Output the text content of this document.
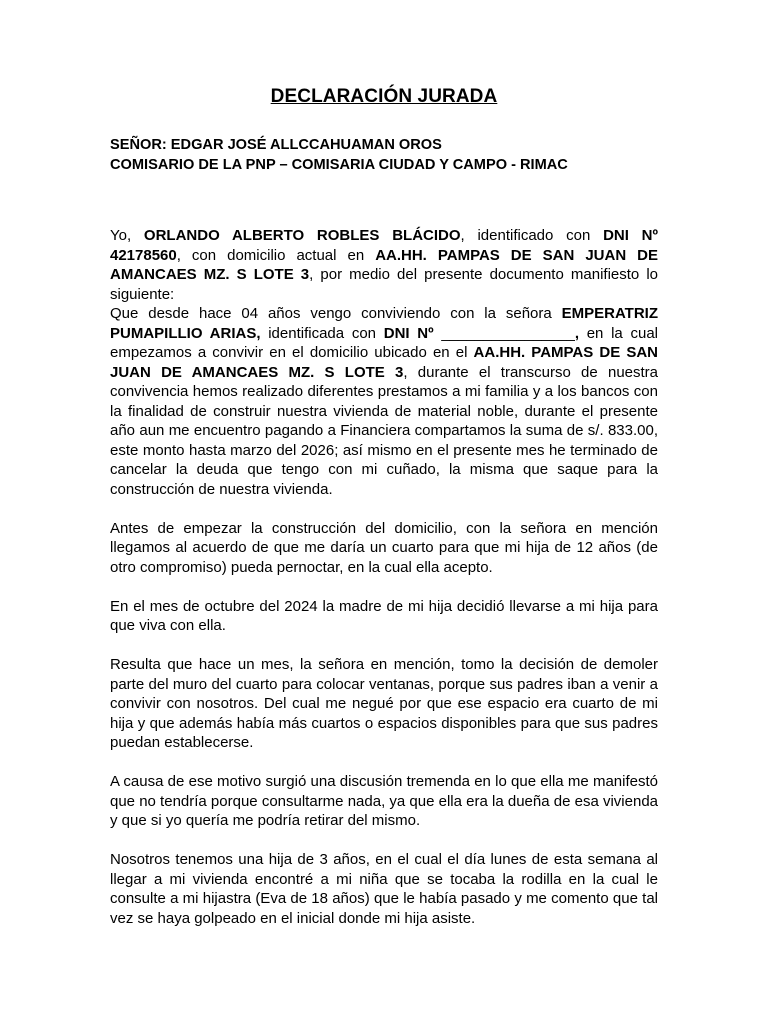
DECLARACIÓN JURADA
SEÑOR: EDGAR JOSÉ ALLCCAHUAMAN OROS
COMISARIO DE LA PNP – COMISARIA CIUDAD Y CAMPO - RIMAC

Yo, ORLANDO ALBERTO ROBLES BLÁCIDO, identificado con DNI Nº 42178560, con domicilio actual en AA.HH. PAMPAS DE SAN JUAN DE AMANCAES MZ. S LOTE 3, por medio del presente documento manifiesto lo siguiente:

Que desde hace 04 años vengo conviviendo con la señora EMPERATRIZ PUMAPILLIO ARIAS, identificada con DNI Nº ________________, en la cual empezamos a convivir en el domicilio ubicado en el AA.HH. PAMPAS DE SAN JUAN DE AMANCAES MZ. S LOTE 3, durante el transcurso de nuestra convivencia hemos realizado diferentes prestamos a mi familia y a los bancos con la finalidad de construir nuestra vivienda de material noble, durante el presente año aun me encuentro pagando a Financiera compartamos la suma de s/. 833.00, este monto hasta marzo del 2026; así mismo en el presente mes he terminado de cancelar la deuda que tengo con mi cuñado, la misma que saque para la construcción de nuestra vivienda.

Antes de empezar la construcción del domicilio, con la señora en mención llegamos al acuerdo de que me daría un cuarto para que mi hija de 12 años (de otro compromiso) pueda pernoctar, en la cual ella acepto.

En el mes de octubre del 2024 la madre de mi hija decidió llevarse a mi hija para que viva con ella.

Resulta que hace un mes, la señora en mención, tomo la decisión de demoler parte del muro del cuarto para colocar ventanas, porque sus padres iban a venir a convivir con nosotros. Del cual me negué por que ese espacio era cuarto de mi hija y que además había más cuartos o espacios disponibles para que sus padres puedan establecerse.

A causa de ese motivo surgió una discusión tremenda en lo que ella me manifestó que no tendría porque consultarme nada, ya que ella era la dueña de esa vivienda y que si yo quería me podría retirar del mismo.

Nosotros tenemos una hija de 3 años, en el cual el día lunes de esta semana al llegar a mi vivienda encontré a mi niña que se tocaba la rodilla en la cual le consulte a mi hijastra (Eva de 18 años) que le había pasado y me comento que tal vez se haya golpeado en el inicial donde mi hija asiste.
